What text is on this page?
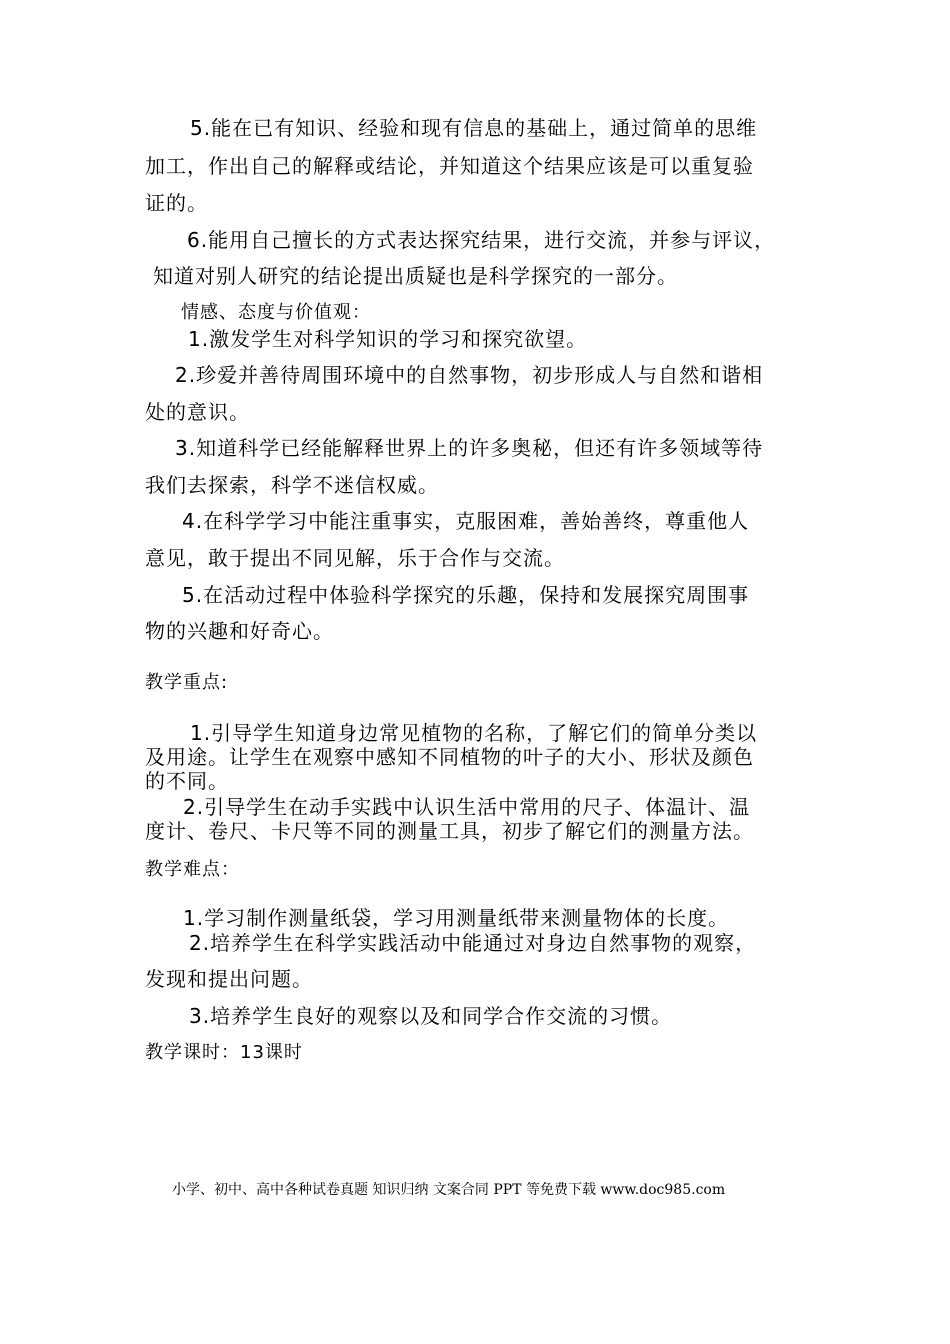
5.能在已有知识、经验和现有信息的基础上，通过简单的思维
加工，作出自己的解释或结论，并知道这个结果应该是可以重复验
证的。
6.能用自己擅长的方式表达探究结果，进行交流，并参与评议，
知道对别人研究的结论提出质疑也是科学探究的一部分。
情感、态度与价值观：
1.激发学生对科学知识的学习和探究欲望。
2.珍爱并善待周围环境中的自然事物，初步形成人与自然和谐相
处的意识。
3.知道科学已经能解释世界上的许多奥秘，但还有许多领域等待
我们去探索，科学不迷信权威。
4.在科学学习中能注重事实，克服困难，善始善终，尊重他人
意见，敢于提出不同见解，乐于合作与交流。
5.在活动过程中体验科学探究的乐趣，保持和发展探究周围事
物的兴趣和好奇心。
教学重点:
1.引导学生知道身边常见植物的名称，了解它们的简单分类以
及用途。让学生在观察中感知不同植物的叶子的大小、形状及颜色
的不同。
2.引导学生在动手实践中认识生活中常用的尺子、体温计、温
度计、卷尺、卡尺等不同的测量工具，初步了解它们的测量方法。
教学难点：
1.学习制作测量纸袋，学习用测量纸带来测量物体的长度。
2.培养学生在科学实践活动中能通过对身边自然事物的观察，
发现和提出问题。
3.培养学生良好的观察以及和同学合作交流的习惯。
教学课时：13课时
小学、初中、高中各种试卷真题 知识归纳 文案合同 PPT 等免费下载 www.doc985.com
